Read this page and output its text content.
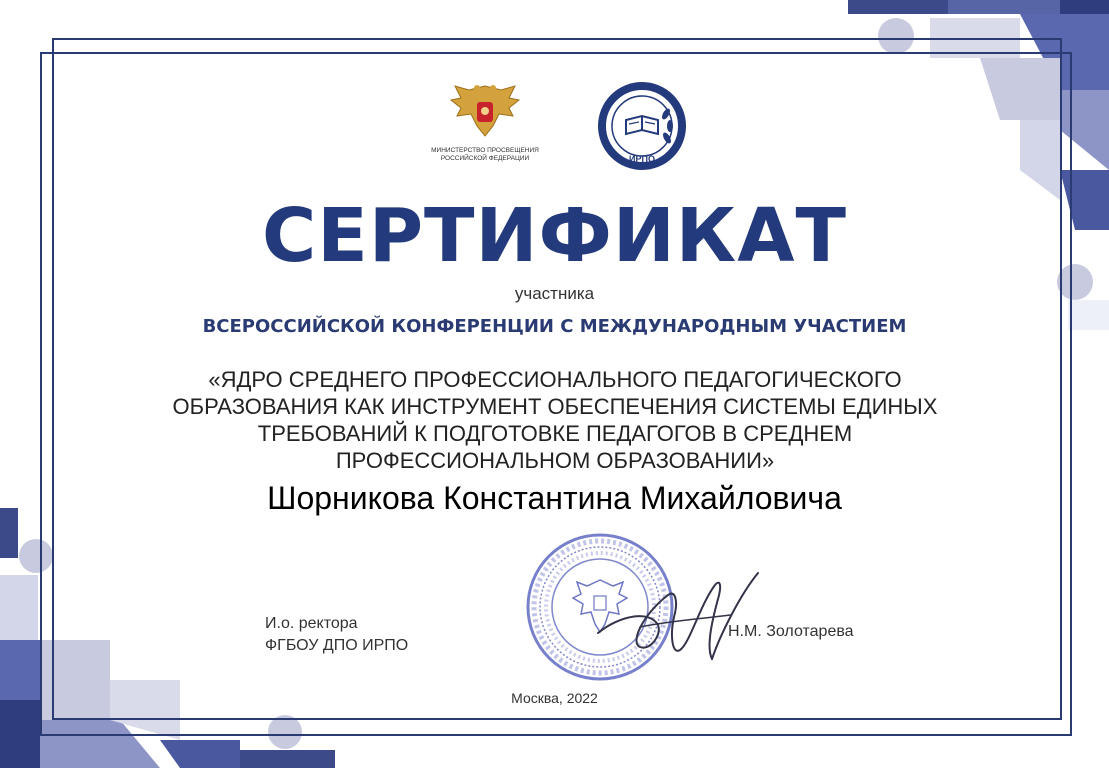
МИНИСТЕРСТВО ПРОСВЕЩЕНИЯ
РОССИЙСКОЙ ФЕДЕРАЦИИ	ИРПО
СЕРТИФИКАТ
участника
ВСЕРОССИЙСКОЙ КОНФЕРЕНЦИИ С МЕЖДУНАРОДНЫМ УЧАСТИЕМ
«ЯДРО СРЕДНЕГО ПРОФЕССИОНАЛЬНОГО ПЕДАГОГИЧЕСКОГО
ОБРАЗОВАНИЯ КАК ИНСТРУМЕНТ ОБЕСПЕЧЕНИЯ СИСТЕМЫ ЕДИНЫХ
ТРЕБОВАНИЙ К ПОДГОТОВКЕ ПЕДАГОГОВ В СРЕДНЕМ
ПРОФЕССИОНАЛЬНОМ ОБРАЗОВАНИИ»
Шорникова Константина Михайловича
И.о. ректора
ФГБОУ ДПО ИРПО
Н.М. Золотарева
Москва, 2022
